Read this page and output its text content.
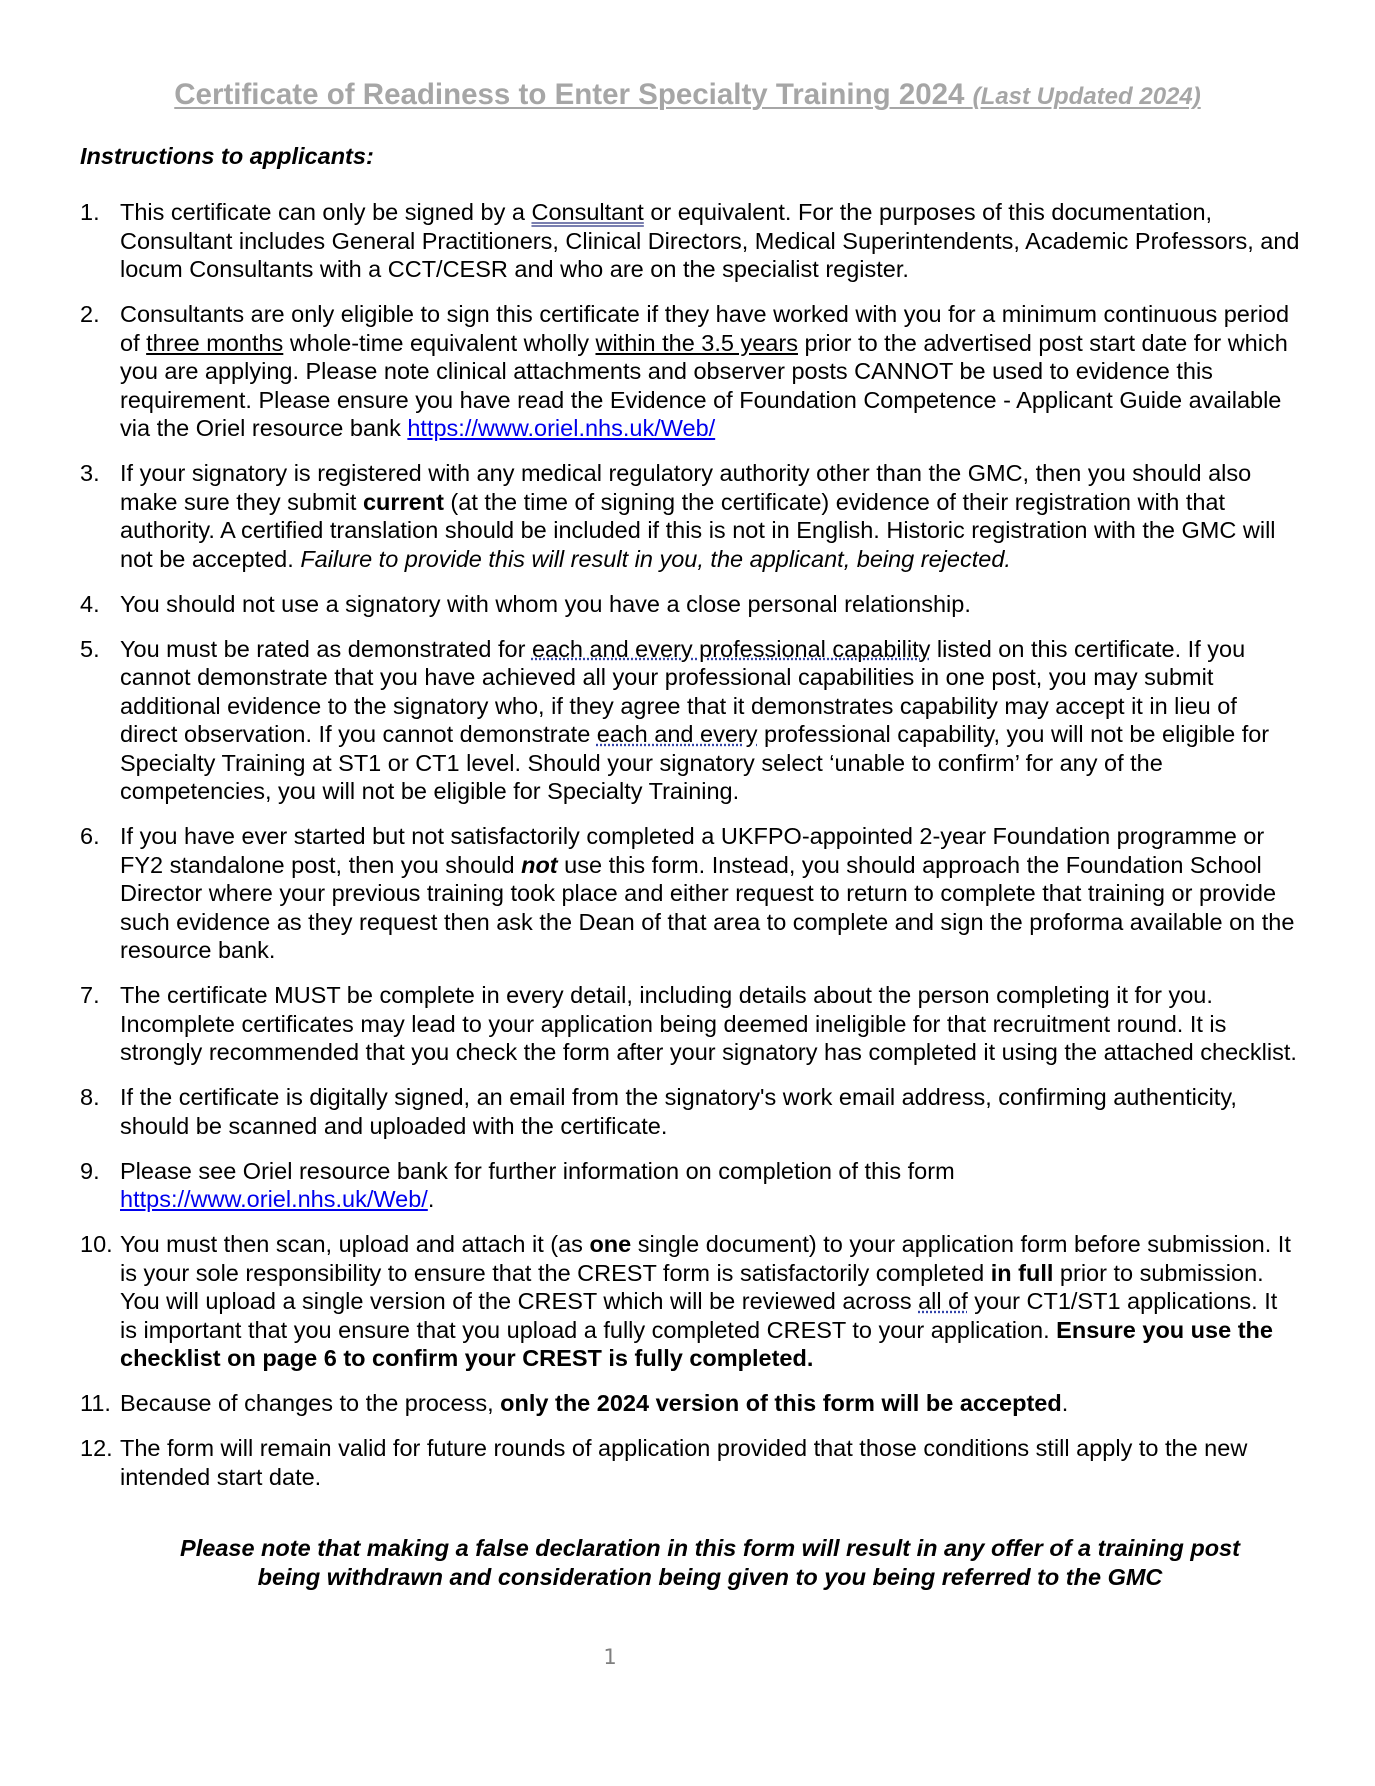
Certificate of Readiness to Enter Specialty Training 2024 (Last Updated 2024)
Instructions to applicants:
1. This certificate can only be signed by a Consultant or equivalent. For the purposes of this documentation, Consultant includes General Practitioners, Clinical Directors, Medical Superintendents, Academic Professors, and locum Consultants with a CCT/CESR and who are on the specialist register.
2. Consultants are only eligible to sign this certificate if they have worked with you for a minimum continuous period of three months whole-time equivalent wholly within the 3.5 years prior to the advertised post start date for which you are applying. Please note clinical attachments and observer posts CANNOT be used to evidence this requirement. Please ensure you have read the Evidence of Foundation Competence - Applicant Guide available via the Oriel resource bank https://www.oriel.nhs.uk/Web/
3. If your signatory is registered with any medical regulatory authority other than the GMC, then you should also make sure they submit current (at the time of signing the certificate) evidence of their registration with that authority. A certified translation should be included if this is not in English. Historic registration with the GMC will not be accepted. Failure to provide this will result in you, the applicant, being rejected.
4. You should not use a signatory with whom you have a close personal relationship.
5. You must be rated as demonstrated for each and every professional capability listed on this certificate. If you cannot demonstrate that you have achieved all your professional capabilities in one post, you may submit additional evidence to the signatory who, if they agree that it demonstrates capability may accept it in lieu of direct observation. If you cannot demonstrate each and every professional capability, you will not be eligible for Specialty Training at ST1 or CT1 level. Should your signatory select ‘unable to confirm’ for any of the competencies, you will not be eligible for Specialty Training.
6. If you have ever started but not satisfactorily completed a UKFPO-appointed 2-year Foundation programme or FY2 standalone post, then you should not use this form. Instead, you should approach the Foundation School Director where your previous training took place and either request to return to complete that training or provide such evidence as they request then ask the Dean of that area to complete and sign the proforma available on the resource bank.
7. The certificate MUST be complete in every detail, including details about the person completing it for you. Incomplete certificates may lead to your application being deemed ineligible for that recruitment round. It is strongly recommended that you check the form after your signatory has completed it using the attached checklist.
8. If the certificate is digitally signed, an email from the signatory's work email address, confirming authenticity, should be scanned and uploaded with the certificate.
9. Please see Oriel resource bank for further information on completion of this form
https://www.oriel.nhs.uk/Web/.
10. You must then scan, upload and attach it (as one single document) to your application form before submission. It is your sole responsibility to ensure that the CREST form is satisfactorily completed in full prior to submission. You will upload a single version of the CREST which will be reviewed across all of your CT1/ST1 applications. It is important that you ensure that you upload a fully completed CREST to your application. Ensure you use the checklist on page 6 to confirm your CREST is fully completed.
11. Because of changes to the process, only the 2024 version of this form will be accepted.
12. The form will remain valid for future rounds of application provided that those conditions still apply to the new intended start date.
Please note that making a false declaration in this form will result in any offer of a training post
being withdrawn and consideration being given to you being referred to the GMC
1
